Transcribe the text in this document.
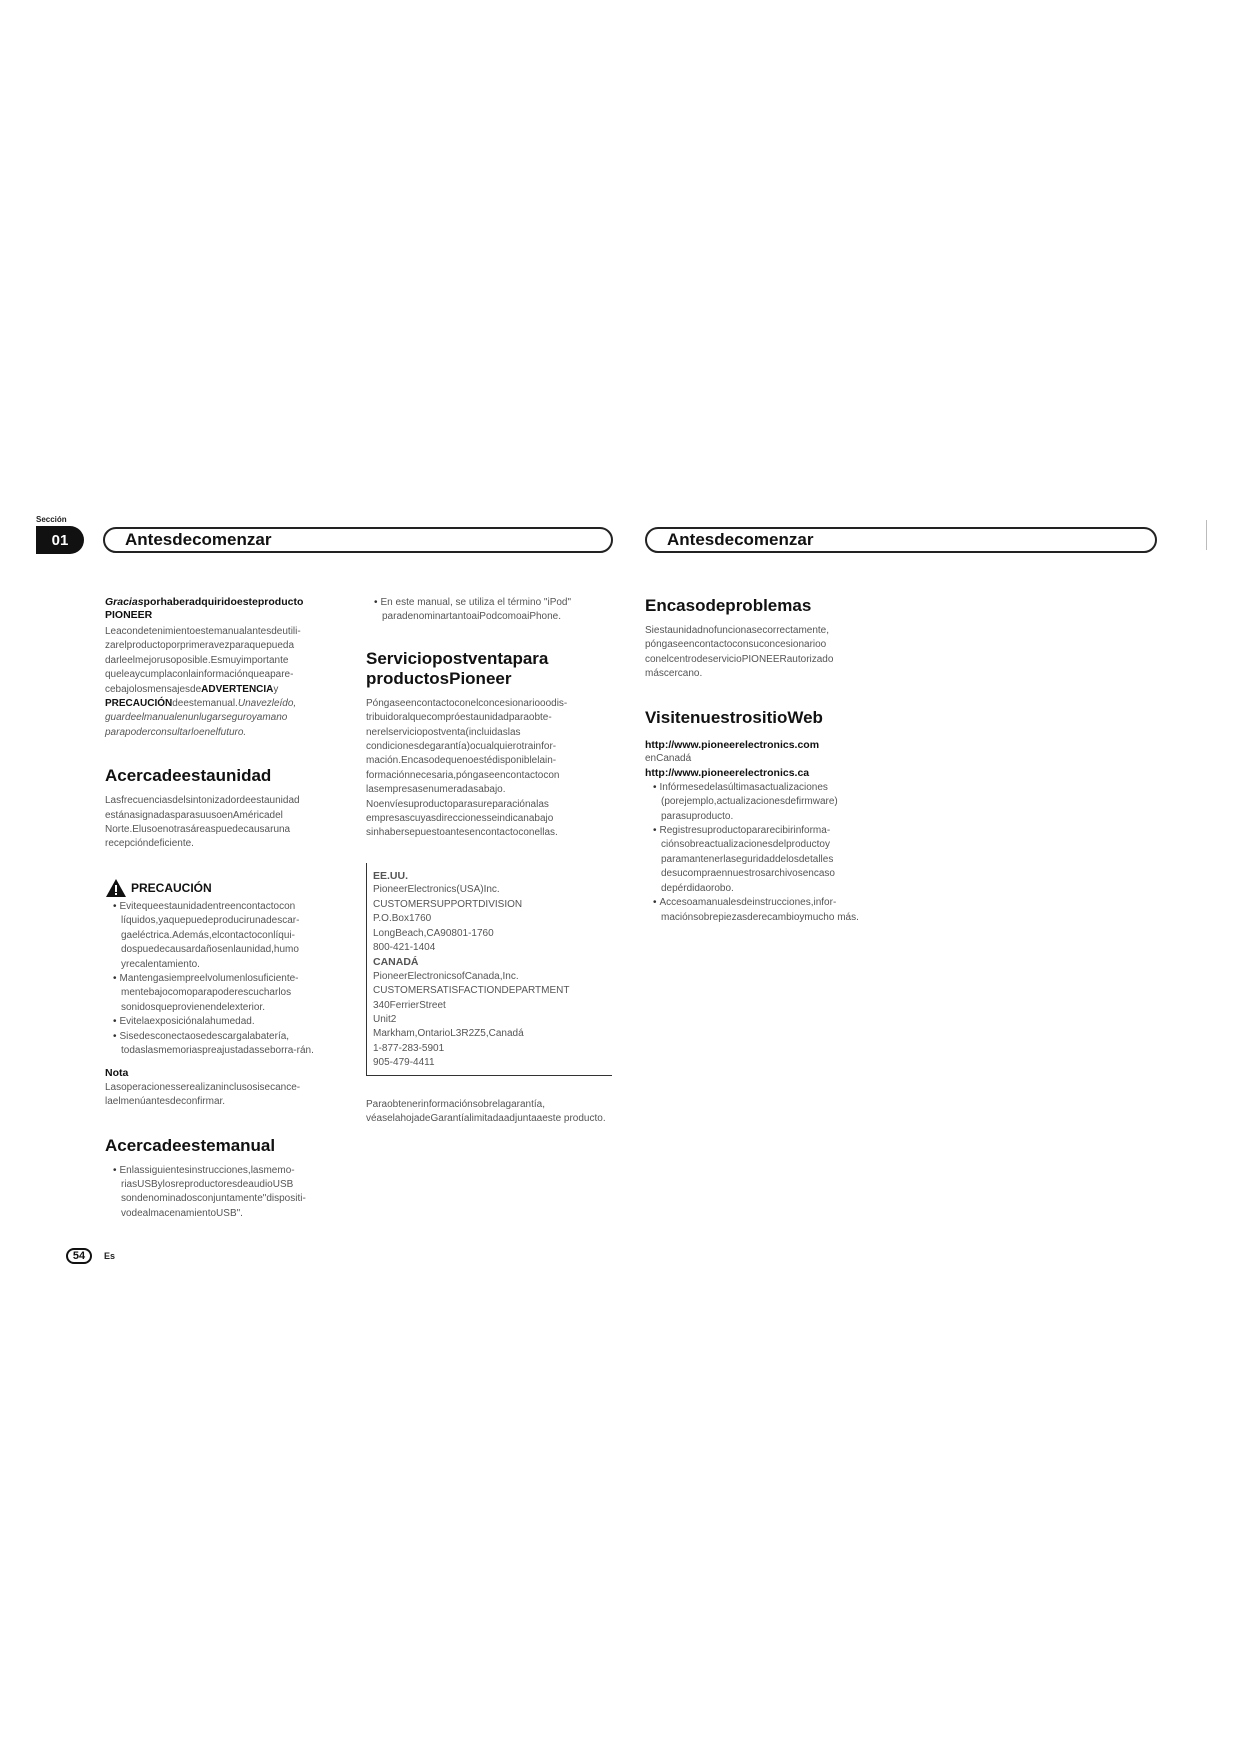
Sección
01	Antesdecomenzar	Antesdecomenzar

Graciasporhaberadquiridoesteproducto
PIONEER

Leacondetenimientoestemanualantesdeutili-zarelproductoporprimeravezparaquepueda darleelmejorusoposible.Esmuyimportante queleaycumplaconlainformaciónqueapare-cebajolosmensajesdeADVERTENCIAy PRECAUCIÓNdeestemanual.Unavezleído, guardeelmanualenunlugarseguroyamano parapoderconsultarloenelfuturo.

Acercadeestaunidad

Lasfrecuenciasdelsintonizadordeestaunidad estánasignadasparasuusoenAméricadel Norte.Elusoenotrasáreaspuedecausaruna recepcióndeficiente.

PRECAUCIÓN
• Evitequeestaunidadentreencontactocon líquidos,yaquepuedeproducirunadescar-gaeléctrica.Además,elcontactoconlíqui-dospuedecausardañosenlaunidad,humo yrecalentamiento.
• Mantengasiempreelvolumenlosuficiente-mentebajocomoparapoderescucharlos sonidosqueprovienendelexterior.
• Evitelaexposiciónalahumedad.
• Sisedesconectaosedescargalabatería, todaslasmemoriaspreajustadasseborra-rán.

Nota

Lasoperacionesserealizaninclusosisecance-laelmenúantesdeconfirmar.

Acercadeestemanual
• Enlassiguientesinstrucciones,lasmemo-riasUSBylosreproductoresdeaudioUSB sondenominadosconjuntamente"dispositi-vodealmacenamientoUSB".
• En este manual, se utiliza el término "iPod" paradenominartantoaiPodcomoaiPhone.
Serviciopostventapara productosPioneer

Póngaseencontactoconelconcesionariooodis-tribuidoralquecompróestaunidadparaobte-nerelserviciopostventa(incluidaslas condicionesdegarantía)ocualquierotrainfor-mación.Encasodequenoestédisponiblelain-formaciónnecesaria,póngaseencontactocon lasempresasenumeradasabajo. Noenvíesuproductoparasureparaciónalas empresascuyasdireccionesseindicanabajo sinhabersepuestoantesencontactoconellas.

EE.UU.

PioneerElectronics(USA)Inc.

CUSTOMERSUPPORTDIVISION

P.O.Box1760

LongBeach,CA90801-1760

800-421-1404

CANADÁ

PioneerElectronicsofCanada,Inc.

CUSTOMERSATISFACTIONDEPARTMENT

340FerrierStreet

Unit2

Markham,OntarioL3R2Z5,Canadá

1-877-283-5901

905-479-4411

Paraobtenerinformaciónsobrelagarantía, véaselahojadeGarantíalimitadaadjuntaaeste producto.

Encasodeproblemas

Siestaunidadnofuncionasecorrectamente, póngaseencontactoconsuconcesionarioo conelcentrodeservicioPIONEERautorizado máscercano.

VisitenuestrositioWeb

http://www.pioneerelectronics.com

enCanadá

http://www.pioneerelectronics.ca

• Infórmesedelasúltimasactualizaciones (porejemplo,actualizacionesdefirmware) parasuproducto.
• Registresuproductopararecibirinforma-ciónsobreactualizacionesdelproductoy paramantenerlaseguridaddelosdetalles desucompraennuestrosarchivosencaso depérdidaorobo.
• Accesoamanualesdeinstrucciones,infor-maciónsobrepiezasderecambioymucho más.
54	Es
